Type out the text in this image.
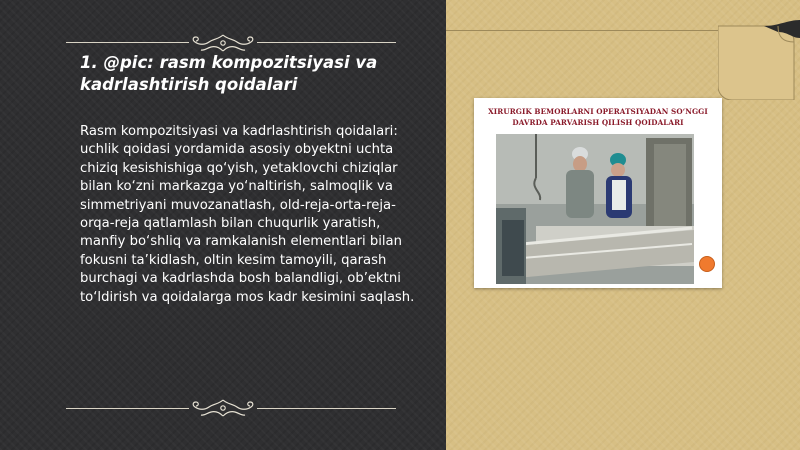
1. @pic: rasm kompozitsiyasi va kadrlashtirish qoidalari
Rasm kompozitsiyasi va kadrlashtirish qoidalari: uchlik qoidasi yordamida asosiy obyektni uchta chiziq kesishishiga qo‘yish, yetaklovchi chiziqlar bilan ko‘zni markazga yo‘naltirish, salmoqlik va simmetriyani muvozanatlash, old-reja-orta-reja-orqa-reja qatlamlash bilan chuqurlik yaratish, manfiy bo‘shliq va ramkalanish elementlari bilan fokusni ta’kidlash, oltin kesim tamoyili, qarash burchagi va kadrlashda bosh balandligi, ob’ektni to‘ldirish va qoidalarga mos kadr kesimini saqlash.
XIRURGIK BEMORLARNI OPERATSIYADAN SO‘NGGI DAVRDA PARVARISH QILISH QOIDALARI
